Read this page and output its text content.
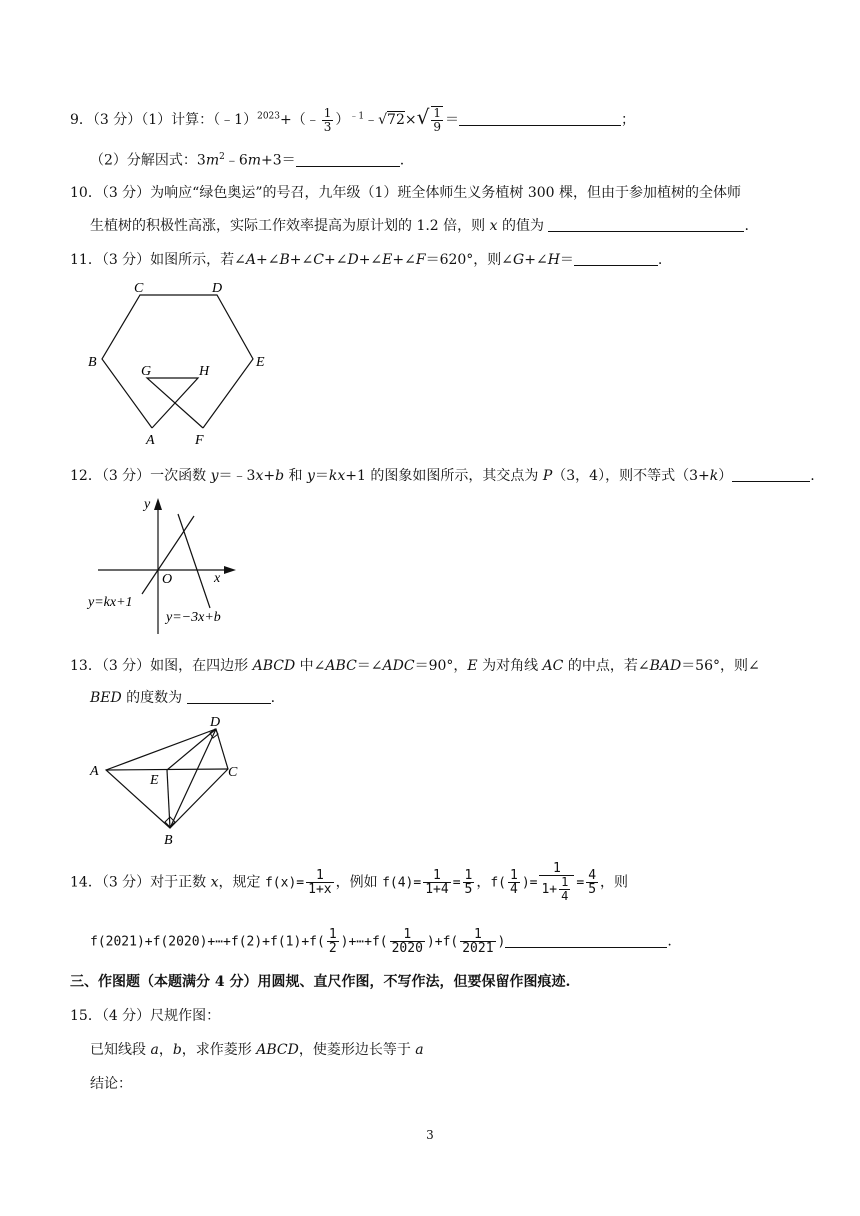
9．（3 分）（1）计算：（﹣1）$^{2023}$+（﹣ $\frac{1}{3}$ ）$^{﹣1}$﹣√72×√ $\frac{1}{9}$ ＝	；
（2）分解因式：$3m^2﹣6m+3=$	.
10．（3 分）为响应“绿色奥运”的号召，九年级（1）班全体师生义务植树 300 棵，但由于参加植树的全体师
生植树的积极性高涨，实际工作效率提高为原计划的 1.2 倍，则 x 的值为	.
11．（3 分）如图所示，若∠A+∠B+∠C+∠D+∠E+∠F＝620°，则∠G+∠H＝	.
C	D
B	E
G	H
A	F
12．（3 分）一次函数 y＝﹣3x+b 和 y＝kx+1 的图象如图所示，其交点为 P（3，4），则不等式（3+k）	.
y
x
O
y=kx+1
y=−3x+b
13．（3 分）如图，在四边形 ABCD 中∠ABC＝∠ADC＝90°，E 为对角线 AC 的中点，若∠BAD＝56°，则∠
BED 的度数为	.
D
A
E
C
B
14．（3 分）对于正数 x，规定 $f(x)= \frac{1}{1+x}$ ，例如 $f(4)= \frac{1}{1+4} = \frac{1}{5}$ ，$f( \frac{1}{4}$ )= $\frac{1}{1+ \frac{1}{4}} = \frac{4}{5}$ ，则
f(2021)+f(2020)+⋯+f(2)+f(1)+f( $\frac{1}{2}$ )+⋯+f( $\frac{1}{2020} )+f( \frac{1}{2021}$ )	.
三、作图题（本题满分 4 分）用圆规、直尺作图，不写作法，但要保留作图痕迹.
15．（4 分）尺规作图：
已知线段 a，b，求作菱形 ABCD，使菱形边长等于 a
结论：
3
